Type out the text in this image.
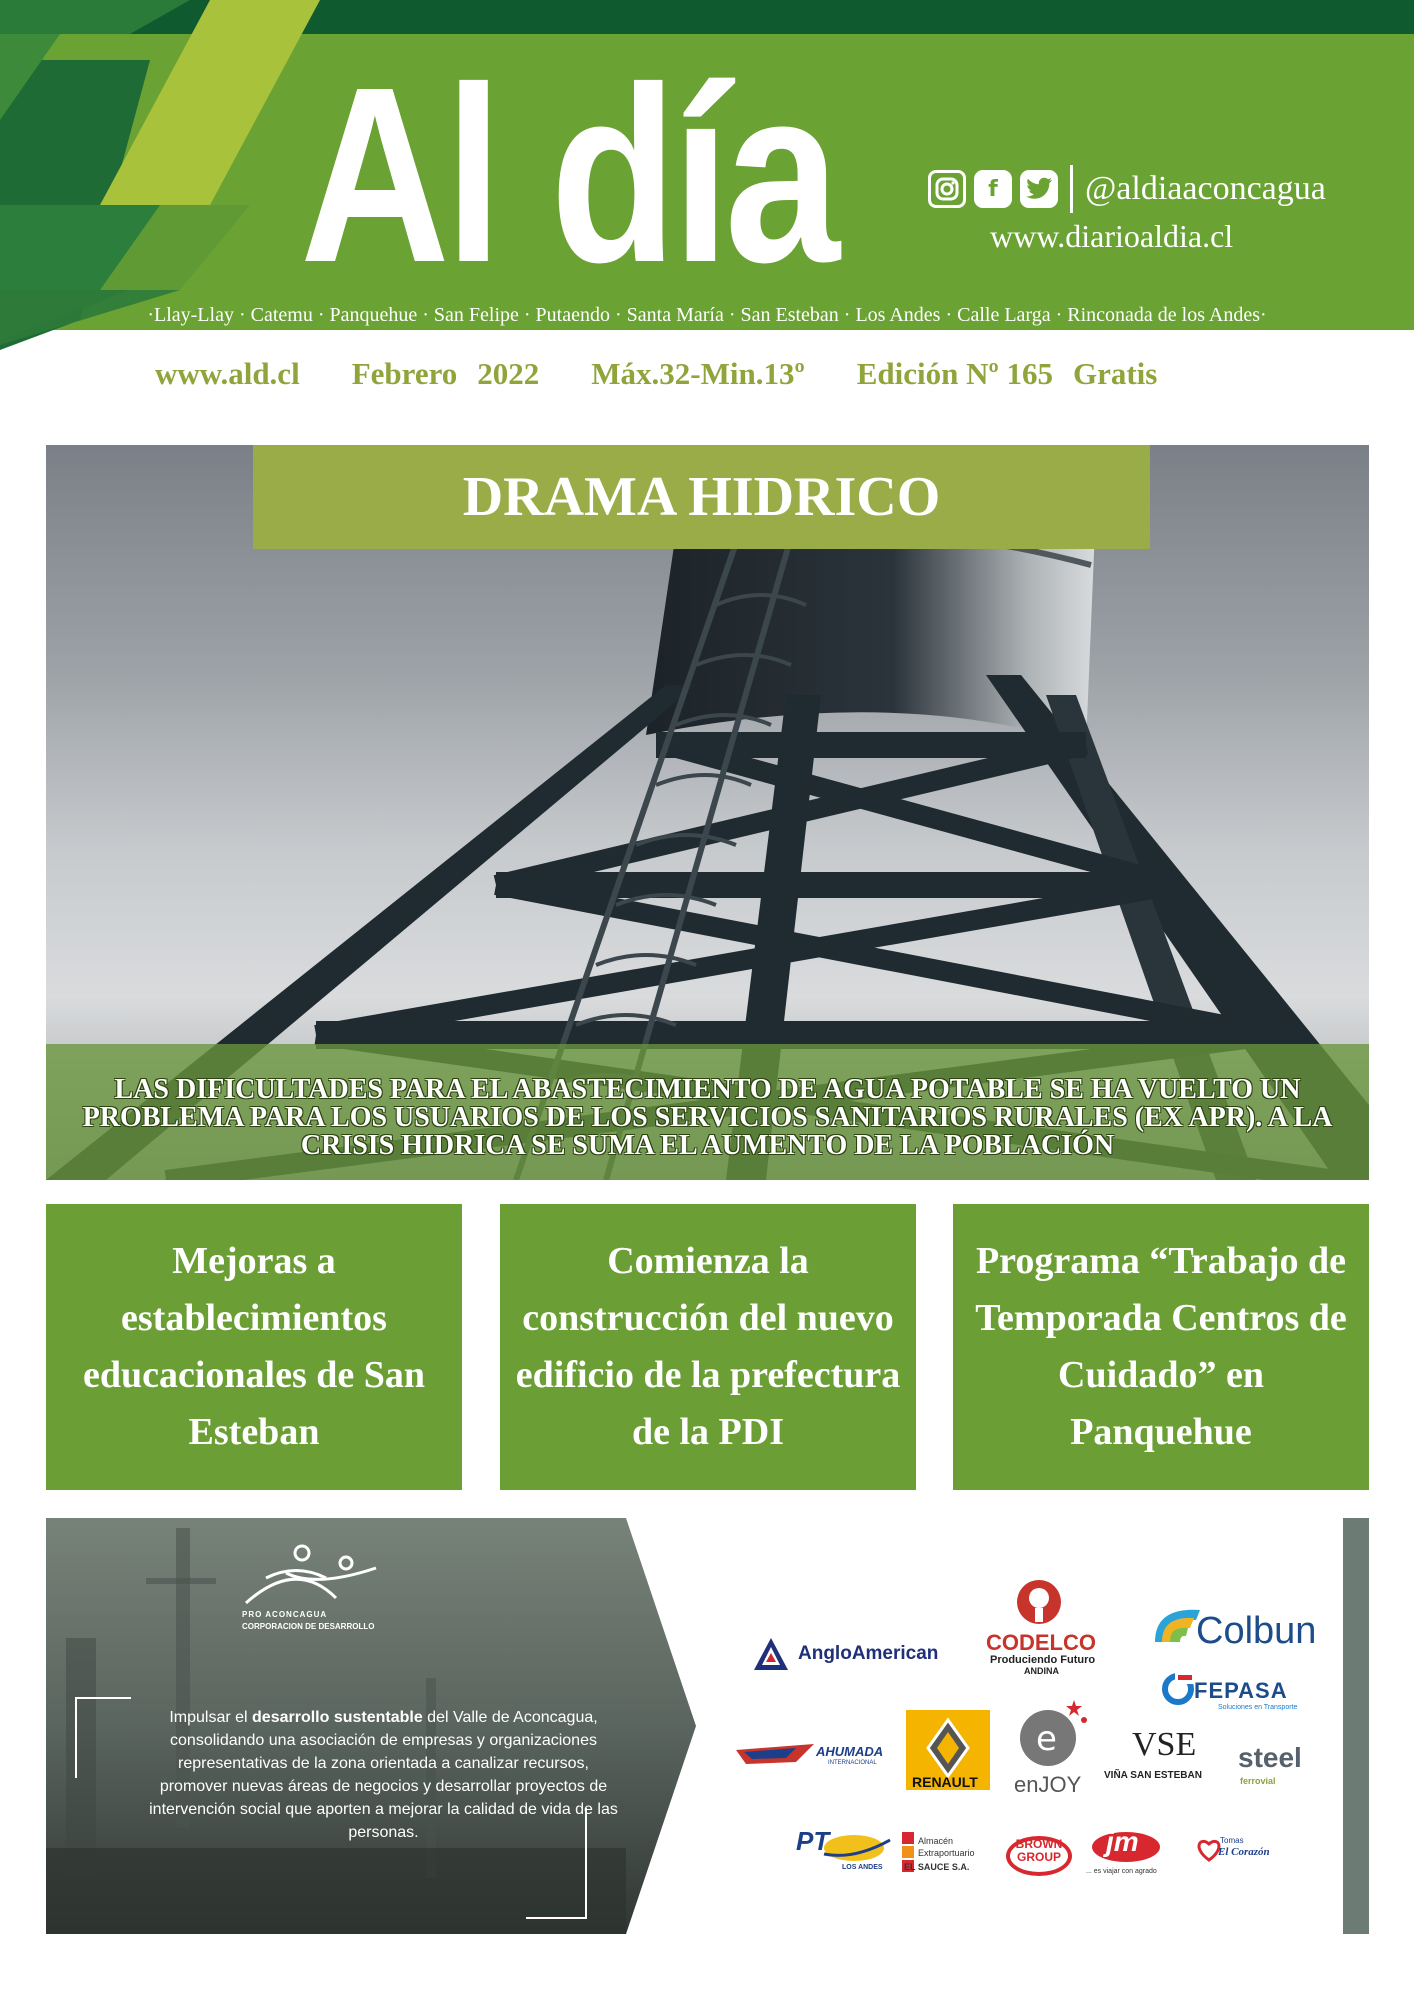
Al día	f	@aldiaaconcagua
www.diarioaldia.cl
·Llay-Llay · Catemu · Panquehue · San Felipe · Putaendo · Santa María · San Esteban · Los Andes · Calle Larga · Rinconada de los Andes·
www.ald.cl Febrero 2022 Máx.32-Min.13º Edición Nº 165 Gratis
DRAMA HIDRICO
LAS DIFICULTADES PARA EL ABASTECIMIENTO DE AGUA POTABLE SE HA VUELTO UN PROBLEMA PARA LOS USUARIOS DE LOS SERVICIOS SANITARIOS RURALES (EX APR). A LA CRISIS HIDRICA SE SUMA EL AUMENTO DE LA POBLACIÓN
Mejoras a establecimientos educacionales de San Esteban
Comienza la construcción del nuevo edificio de la prefectura de la PDI
Programa “Trabajo de Temporada Centros de Cuidado” en Panquehue
PRO ACONCAGUA
CORPORACION DE DESARROLLO
Impulsar el desarrollo sustentable del Valle de Aconcagua, consolidando una asociación de empresas y organizaciones representativas de la zona orientada a canalizar recursos, promover nuevas áreas de negocios y desarrollar proyectos de intervención social que aporten a mejorar la calidad de vida de las personas.
AngloAmerican CODELCO
Produciendo Futuro
ANDINA
Colbun
FEPASA
Soluciones en Transporte
AHUMADA
INTERNACIONAL
RENAULT
e
enJOY
VSE
VIÑA SAN ESTEBAN
steel
ferrovial
PT
LOS ANDES
Almacén
Extraportuario
EL SAUCE S.A.
BROWN GROUP jm
... es viajar con agrado
Tomas
El Corazón
